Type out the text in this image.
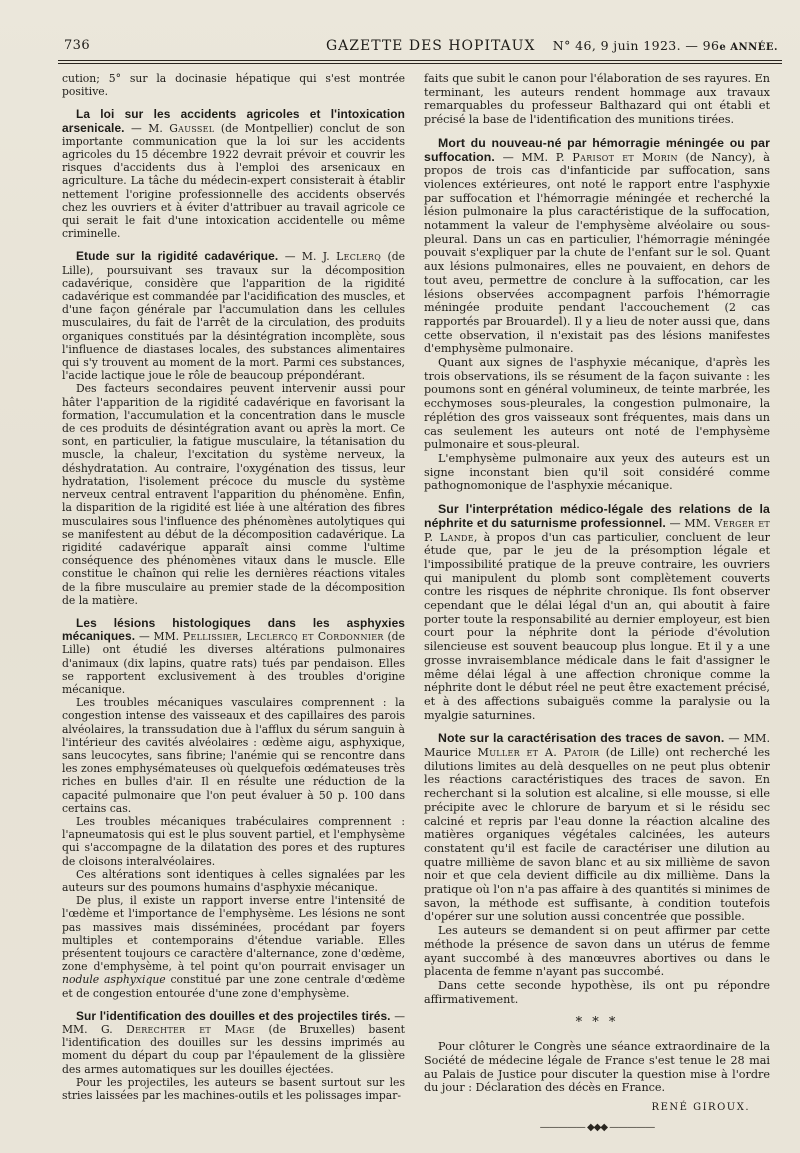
736	GAZETTE DES HOPITAUX N° 46, 9 juin 1923. — 96e ANNÉE.

cution; 5° sur la docinasie hépatique qui s'est montrée positive.

La loi sur les accidents agricoles et l'intoxication arsenicale. — M. Gaussel (de Montpellier) conclut de son importante communication que la loi sur les accidents agricoles du 15 décembre 1922 devrait prévoir et couvrir les risques d'accidents dus à l'emploi des arsenicaux en agriculture. La tâche du médecin-expert consisterait à établir nettement l'origine professionnelle des accidents observés chez les ouvriers et à éviter d'attribuer au travail agricole ce qui serait le fait d'une intoxication accidentelle ou même criminelle.

Etude sur la rigidité cadavérique. — M. J. Leclerq (de Lille), poursuivant ses travaux sur la décomposition cadavérique, considère que l'apparition de la rigidité cadavérique est commandée par l'acidification des muscles, et d'une façon générale par l'accumulation dans les cellules musculaires, du fait de l'arrêt de la circulation, des produits organiques constitués par la désintégration incomplète, sous l'influence de diastases locales, des substances alimentaires qui s'y trouvent au moment de la mort. Parmi ces substances, l'acide lactique joue le rôle de beaucoup prépondérant.

Des facteurs secondaires peuvent intervenir aussi pour hâter l'apparition de la rigidité cadavérique en favorisant la formation, l'accumulation et la concentration dans le muscle de ces produits de désintégration avant ou après la mort. Ce sont, en particulier, la fatigue musculaire, la tétanisation du muscle, la chaleur, l'excitation du système nerveux, la déshydratation. Au contraire, l'oxygénation des tissus, leur hydratation, l'isolement précoce du muscle du système nerveux central entravent l'apparition du phénomène. Enfin, la disparition de la rigidité est liée à une altération des fibres musculaires sous l'influence des phénomènes autolytiques qui se manifestent au début de la décomposition cadavérique. La rigidité cadavérique apparaît ainsi comme l'ultime conséquence des phénomènes vitaux dans le muscle. Elle constitue le chaînon qui relie les dernières réactions vitales de la fibre musculaire au premier stade de la décomposition de la matière.

Les lésions histologiques dans les asphyxies mécaniques. — MM. Pellissier, Leclercq et Cordonnier (de Lille) ont étudié les diverses altérations pulmonaires d'animaux (dix lapins, quatre rats) tués par pendaison. Elles se rapportent exclusivement à des troubles d'origine mécanique.

Les troubles mécaniques vasculaires comprennent : la congestion intense des vaisseaux et des capillaires des parois alvéolaires, la transsudation due à l'afflux du sérum sanguin à l'intérieur des cavités alvéolaires : œdème aigu, asphyxique, sans leucocytes, sans fibrine; l'anémie qui se rencontre dans les zones emphysémateuses où quelquefois œdémateuses très riches en bulles d'air. Il en résulte une réduction de la capacité pulmonaire que l'on peut évaluer à 50 p. 100 dans certains cas.

Les troubles mécaniques trabéculaires comprennent : l'apneumatosis qui est le plus souvent partiel, et l'emphysème qui s'accompagne de la dilatation des pores et des ruptures de cloisons interalvéolaires.

Ces altérations sont identiques à celles signalées par les auteurs sur des poumons humains d'asphyxie mécanique.

De plus, il existe un rapport inverse entre l'intensité de l'œdème et l'importance de l'emphysème. Les lésions ne sont pas massives mais disséminées, procédant par foyers multiples et contemporains d'étendue variable. Elles présentent toujours ce caractère d'alternance, zone d'œdème, zone d'emphysème, à tel point qu'on pourrait envisager un nodule asphyxique constitué par une zone centrale d'œdème et de congestion entourée d'une zone d'emphysème.

Sur l'identification des douilles et des projectiles tirés. — MM. G. Derechter et Mage (de Bruxelles) basent l'identification des douilles sur les dessins imprimés au moment du départ du coup par l'épaulement de la glissière des armes automatiques sur les douilles éjectées.

Pour les projectiles, les auteurs se basent surtout sur les stries laissées par les machines-outils et les polissages impar-

faits que subit le canon pour l'élaboration de ses rayures. En terminant, les auteurs rendent hommage aux travaux remarquables du professeur Balthazard qui ont établi et précisé la base de l'identification des munitions tirées.

Mort du nouveau-né par hémorragie méningée ou par suffocation. — MM. P. Parisot et Morin (de Nancy), à propos de trois cas d'infanticide par suffocation, sans violences extérieures, ont noté le rapport entre l'asphyxie par suffocation et l'hémorragie méningée et recherché la lésion pulmonaire la plus caractéristique de la suffocation, notamment la valeur de l'emphysème alvéolaire ou sous-pleural. Dans un cas en particulier, l'hémorragie méningée pouvait s'expliquer par la chute de l'enfant sur le sol. Quant aux lésions pulmonaires, elles ne pouvaient, en dehors de tout aveu, permettre de conclure à la suffocation, car les lésions observées accompagnent parfois l'hémorragie méningée produite pendant l'accouchement (2 cas rapportés par Brouardel). Il y a lieu de noter aussi que, dans cette observation, il n'existait pas des lésions manifestes d'emphysème pulmonaire.

Quant aux signes de l'asphyxie mécanique, d'après les trois observations, ils se résument de la façon suivante : les poumons sont en général volumineux, de teinte marbrée, les ecchymoses sous-pleurales, la congestion pulmonaire, la réplétion des gros vaisseaux sont fréquentes, mais dans un cas seulement les auteurs ont noté de l'emphysème pulmonaire et sous-pleural.

L'emphysème pulmonaire aux yeux des auteurs est un signe inconstant bien qu'il soit considéré comme pathognomonique de l'asphyxie mécanique.

Sur l'interprétation médico-légale des relations de la néphrite et du saturnisme professionnel. — MM. Verger et P. Lande, à propos d'un cas particulier, concluent de leur étude que, par le jeu de la présomption légale et l'impossibilité pratique de la preuve contraire, les ouvriers qui manipulent du plomb sont complètement couverts contre les risques de néphrite chronique. Ils font observer cependant que le délai légal d'un an, qui aboutit à faire porter toute la responsabilité au dernier employeur, est bien court pour la néphrite dont la période d'évolution silencieuse est souvent beaucoup plus longue. Et il y a une grosse invraisemblance médicale dans le fait d'assigner le même délai légal à une affection chronique comme la néphrite dont le début réel ne peut être exactement précisé, et à des affections subaiguës comme la paralysie ou la myalgie saturnines.

Note sur la caractérisation des traces de savon. — MM. Maurice Muller et A. Patoir (de Lille) ont recherché les dilutions limites au delà desquelles on ne peut plus obtenir les réactions caractéristiques des traces de savon. En recherchant si la solution est alcaline, si elle mousse, si elle précipite avec le chlorure de baryum et si le résidu sec calciné et repris par l'eau donne la réaction alcaline des matières organiques végétales calcinées, les auteurs constatent qu'il est facile de caractériser une dilution au quatre millième de savon blanc et au six millième de savon noir et que cela devient difficile au dix millième. Dans la pratique où l'on n'a pas affaire à des quantités si minimes de savon, la méthode est suffisante, à condition toutefois d'opérer sur une solution aussi concentrée que possible.

Les auteurs se demandent si on peut affirmer par cette méthode la présence de savon dans un utérus de femme ayant succombé à des manœuvres abortives ou dans le placenta de femme n'ayant pas succombé.

Dans cette seconde hypothèse, ils ont pu répondre affirmativement.

* * *

Pour clôturer le Congrès une séance extraordinaire de la Société de médecine légale de France s'est tenue le 28 mai au Palais de Justice pour discuter la question mise à l'ordre du jour : Déclaration des décès en France.

RENÉ GIROUX.
————— ◆◆◆ —————
